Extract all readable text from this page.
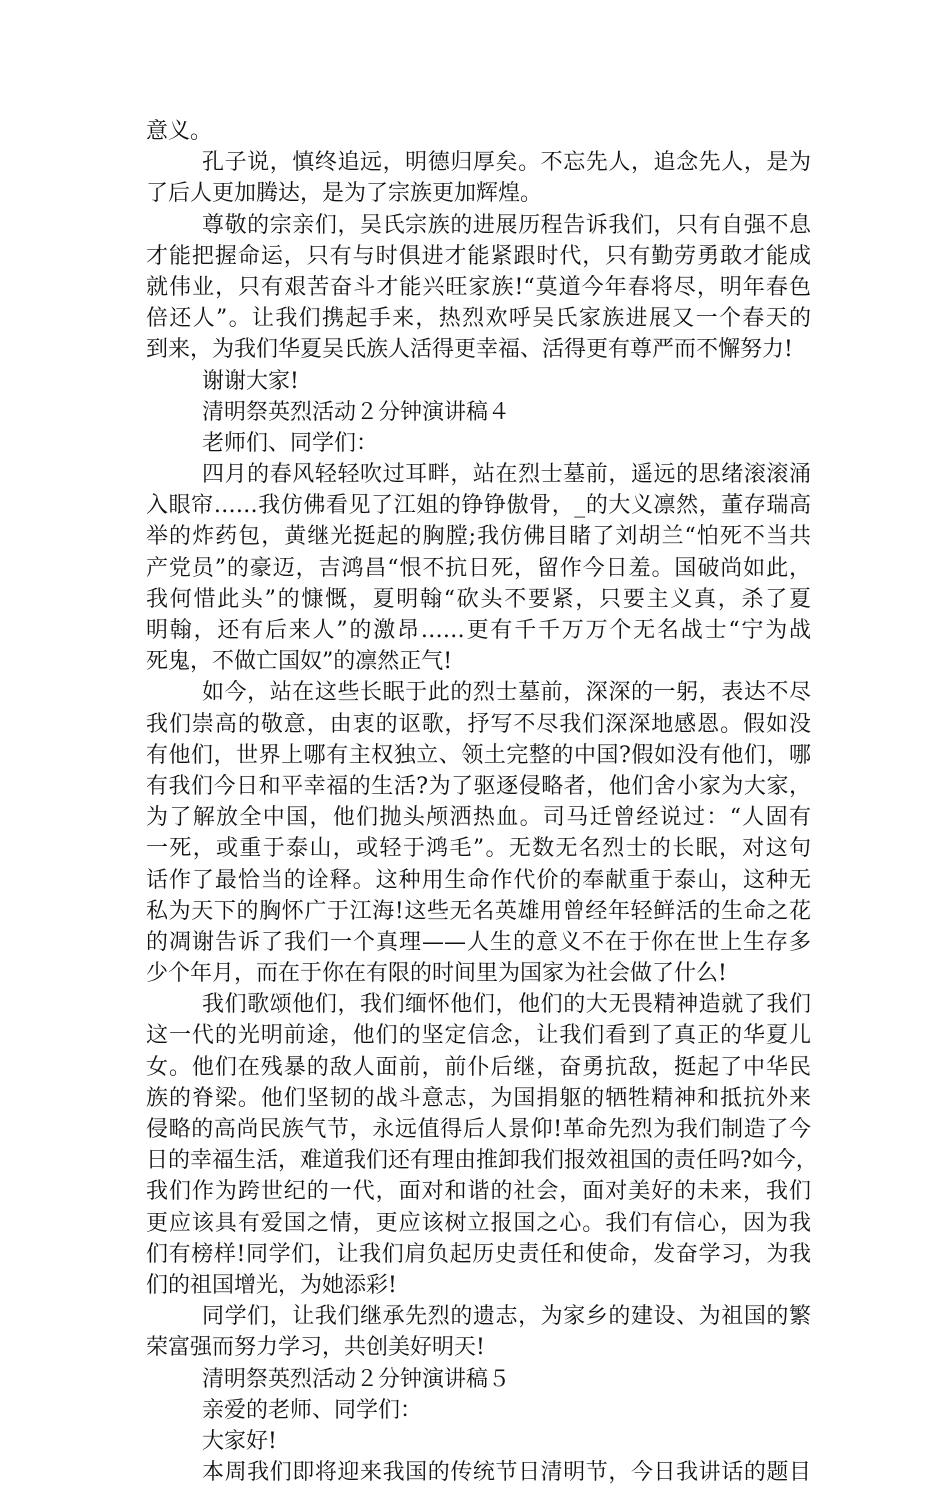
意义。
孔子说，慎终追远，明德归厚矣。不忘先人，追念先人，是为
了后人更加腾达，是为了宗族更加辉煌。
尊敬的宗亲们，吴氏宗族的进展历程告诉我们，只有自强不息
才能把握命运，只有与时俱进才能紧跟时代，只有勤劳勇敢才能成
就伟业，只有艰苦奋斗才能兴旺家族!“莫道今年春将尽，明年春色
倍还人”。让我们携起手来，热烈欢呼吴氏家族进展又一个春天的
到来，为我们华夏吴氏族人活得更幸福、活得更有尊严而不懈努力!
谢谢大家!
清明祭英烈活动２分钟演讲稿４
老师们、同学们：
四月的春风轻轻吹过耳畔，站在烈士墓前，遥远的思绪滚滚涌
入眼帘……我仿佛看见了江姐的铮铮傲骨，_的大义凛然，董存瑞高
举的炸药包，黄继光挺起的胸膛;我仿佛目睹了刘胡兰“怕死不当共
产党员”的豪迈，吉鸿昌“恨不抗日死，留作今日羞。国破尚如此，
我何惜此头”的慷慨，夏明翰“砍头不要紧，只要主义真，杀了夏
明翰，还有后来人”的激昂……更有千千万万个无名战士“宁为战
死鬼，不做亡国奴”的凛然正气!
如今，站在这些长眠于此的烈士墓前，深深的一躬，表达不尽
我们崇高的敬意，由衷的讴歌，抒写不尽我们深深地感恩。假如没
有他们，世界上哪有主权独立、领土完整的中国?假如没有他们，哪
有我们今日和平幸福的生活?为了驱逐侵略者，他们舍小家为大家，
为了解放全中国，他们抛头颅洒热血。司马迁曾经说过：“人固有
一死，或重于泰山，或轻于鸿毛”。无数无名烈士的长眠，对这句
话作了最恰当的诠释。这种用生命作代价的奉献重于泰山，这种无
私为天下的胸怀广于江海!这些无名英雄用曾经年轻鲜活的生命之花
的凋谢告诉了我们一个真理——人生的意义不在于你在世上生存多
少个年月，而在于你在有限的时间里为国家为社会做了什么!
我们歌颂他们，我们缅怀他们，他们的大无畏精神造就了我们
这一代的光明前途，他们的坚定信念，让我们看到了真正的华夏儿
女。他们在残暴的敌人面前，前仆后继，奋勇抗敌，挺起了中华民
族的脊梁。他们坚韧的战斗意志，为国捐躯的牺牲精神和抵抗外来
侵略的高尚民族气节，永远值得后人景仰!革命先烈为我们制造了今
日的幸福生活，难道我们还有理由推卸我们报效祖国的责任吗?如今，
我们作为跨世纪的一代，面对和谐的社会，面对美好的未来，我们
更应该具有爱国之情，更应该树立报国之心。我们有信心，因为我
们有榜样!同学们，让我们肩负起历史责任和使命，发奋学习，为我
们的祖国增光，为她添彩!
同学们，让我们继承先烈的遗志，为家乡的建设、为祖国的繁
荣富强而努力学习，共创美好明天!
清明祭英烈活动２分钟演讲稿５
亲爱的老师、同学们：
大家好!
本周我们即将迎来我国的传统节日清明节，今日我讲话的题目
